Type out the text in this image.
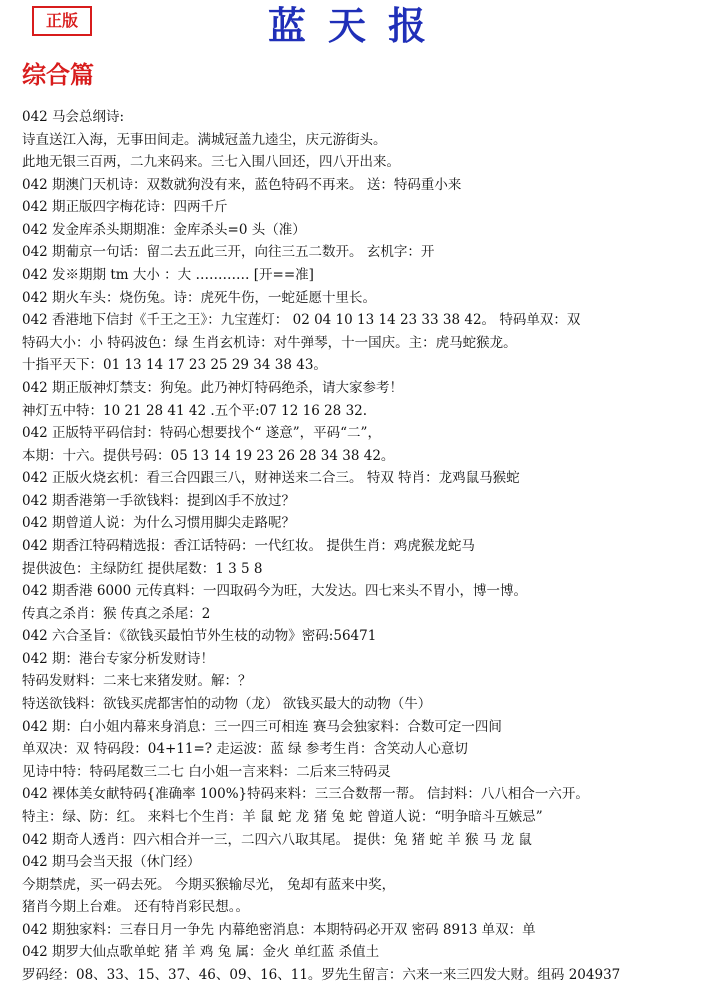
正版	蓝天报
综合篇
042 马会总纲诗:
诗直送江入海，无事田间走。满城冠盖九逵尘，庆元游街头。
此地无银三百两，二九来码来。三七入围八回还，四八开出来。
042 期澳门天机诗：双数就狗没有来，蓝色特码不再来。 送：特码重小来
042 期正版四字梅花诗：四两千斤
042 发金库杀头期期准：金库杀头=0 头（准）
042 期葡京一句话：留二去五此三开，向往三五二数开。 玄机字：开
042 发※期期 tm 大小 ：大 ………… [开==准]
042 期火车头：烧伤兔。诗：虎死牛伤，一蛇延愿十里长。
042 香港地下信封《千王之王》：九宝莲灯： 02 04 10 13 14 23 33 38 42。 特码单双：双
特码大小：小 特码波色：绿 生肖玄机诗：对牛弹琴，十一国庆。主：虎马蛇猴龙。
十指平天下：01 13 14 17 23 25 29 34 38 43。
042 期正版神灯禁支：狗兔。此乃神灯特码绝杀，请大家参考！
神灯五中特：10 21 28 41 42 .五个平:07 12 16 28 32.
042 正版特平码信封：特码心想要找个“ 遂意”，平码“二”，
本期：十六。提供号码：05 13 14 19 23 26 28 34 38 42。
042 正版火烧玄机：看三合四跟三八，财神送来二合三。 特双 特肖：龙鸡鼠马猴蛇
042 期香港第一手欲钱料：提到凶手不放过？
042 期曾道人说：为什么习惯用脚尖走路呢？
042 期香江特码精选报：香江话特码：一代红妆。 提供生肖：鸡虎猴龙蛇马
提供波色：主绿防红 提供尾数：1 3 5 8
042 期香港 6000 元传真料：一四取码今为旺，大发达。四七来头不胃小，博一博。
传真之杀肖：猴 传真之杀尾：2
042 六合圣旨：《欲钱买最怕节外生枝的动物》密码:56471
042 期：港台专家分析发财诗！
特码发财料：二来七来猪发财。解：？
特送欲钱料：欲钱买虎都害怕的动物（龙） 欲钱买最大的动物（牛）
042 期：白小姐内幕来身消息：三一四三可相连 赛马会独家料：合数可定一四间
单双决：双 特码段：04+11=? 走运波：蓝 绿 参考生肖：含笑动人心意切
见诗中特：特码尾数三二七 白小姐一言来料：二后来三特码灵
042 裸体美女献特码{准确率 100%}特码来料：三三合数帮一帮。 信封料：八八相合一六开。
特主：绿、防：红。 来料七个生肖：羊 鼠 蛇 龙 猪 兔 蛇 曾道人说：“明争暗斗互嫉忌”
042 期奇人透肖：四六相合并一三，二四六八取其尾。 提供：兔 猪 蛇 羊 猴 马 龙 鼠
042 期马会当天报（休门经）
今期禁虎，买一码去死。 今期买猴输尽光， 兔却有蓝来中奖，
猪肖今期上台难。 还有特肖彩民想。。
042 期独家料：三春日月一争先 内幕绝密消息：本期特码必开双 密码 8913 单双：单
042 期罗大仙点歌单蛇 猪 羊 鸡 兔 属：金火 单红蓝 杀值土
罗码经：08、33、15、37、46、09、16、11。罗先生留言：六来一来三四发大财。组码 204937
